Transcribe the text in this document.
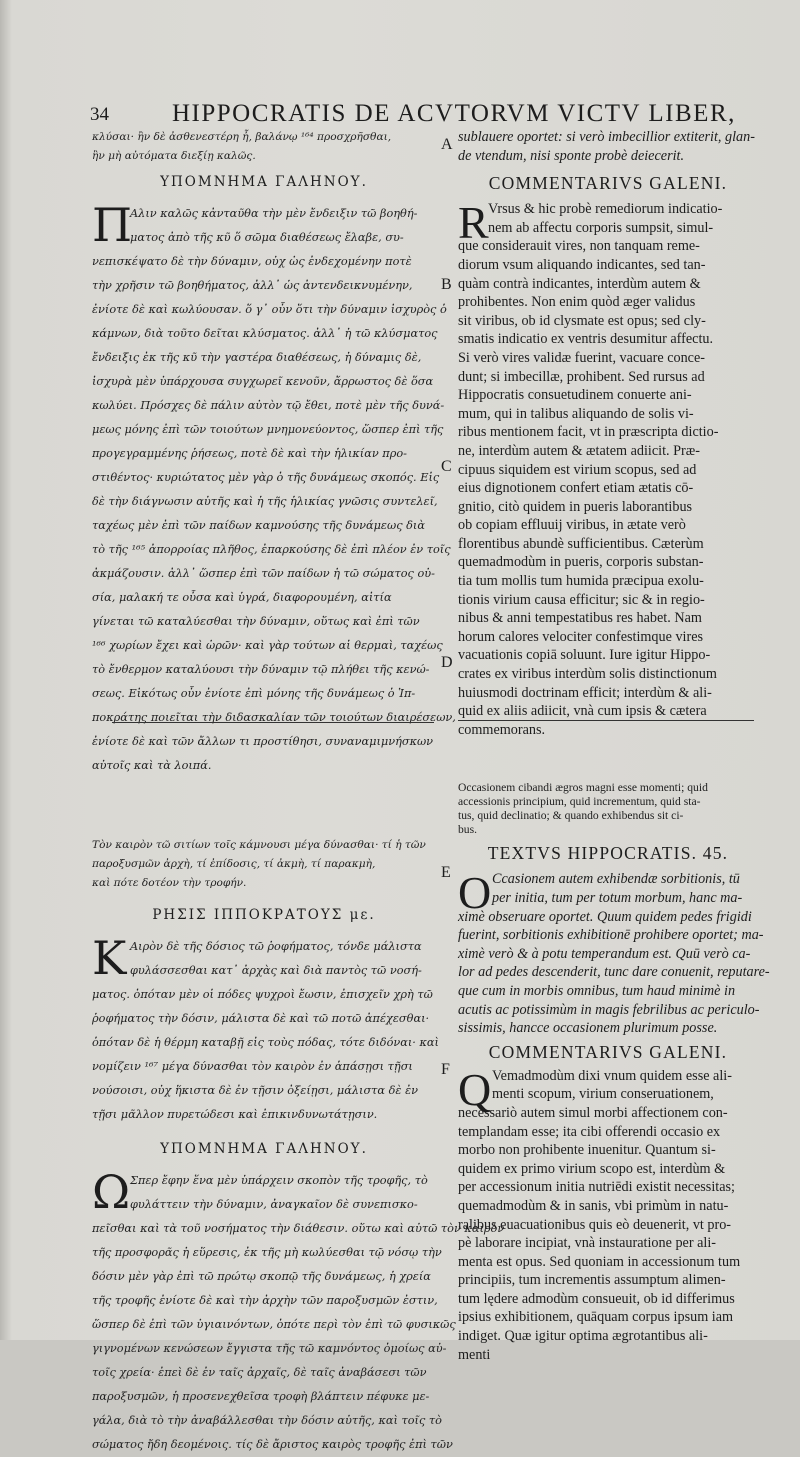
34	HIPPOCRATIS DE ACVTORVM VICTV LIBER,
A
B
C
D
E
F

κλύσαι· ἢν δὲ ἀσθενεστέρη ἦ, βαλάνῳ ¹⁶⁴ προσχρῆσθαι,
ἢν μὴ αὐτόματα διεξίῃ καλῶς.

ΥΠΟΜΝΗΜΑ ΓΑΛΗΝΟΥ.

Π

Αλιν καλῶς κἀνταῦθα τὴν μὲν ἔνδειξιν τῶ βοηθή-

ματος ἀπὸ τῆς κῦ ὅ σῶμα διαθέσεως ἔλαβε, συ-

νεπισκέψατο δὲ τὴν δύναμιν, οὐχ ὡς ἐνδεχομένην ποτὲ
τὴν χρῆσιν τῶ βοηθήματος, ἀλλ᾽ ὡς ἀντενδεικνυμένην,
ἐνίοτε δὲ καὶ κωλύουσαν. ὅ γ᾽ οὖν ὅτι τὴν δύναμιν ἰσχυρὸς ὁ
κάμνων, διὰ τοῦτο δεῖται κλύσματος. ἀλλ᾽ ἡ τῶ κλύσματος
ἔνδειξις ἐκ τῆς κῦ τὴν γαστέρα διαθέσεως, ἡ δύναμις δὲ,
ἰσχυρὰ μὲν ὑπάρχουσα συγχωρεῖ κενοῦν, ἄρρωστος δὲ ὅσα
κωλύει. Πρόσχες δὲ πάλιν αὐτὸν τῷ ἔθει, ποτὲ μὲν τῆς δυνά-
μεως μόνης ἐπὶ τῶν τοιούτων μνημονεύοντος, ὥσπερ ἐπὶ τῆς
προγεγραμμένης ῥήσεως, ποτὲ δὲ καὶ τὴν ἡλικίαν προ-
στιθέντος· κυριώτατος μὲν γὰρ ὁ τῆς δυνάμεως σκοπός. Εἰς
δὲ τὴν διάγνωσιν αὐτῆς καὶ ἡ τῆς ἡλικίας γνῶσις συντελεῖ,
ταχέως μὲν ἐπὶ τῶν παίδων καμνούσης τῆς δυνάμεως διὰ
τὸ τῆς ¹⁶⁵ ἀπορροίας πλῆθος, ἐπαρκούσης δὲ ἐπὶ πλέον ἐν τοῖς
ἀκμάζουσιν. ἀλλ᾽ ὥσπερ ἐπὶ τῶν παίδων ἡ τῶ σώματος οὐ-
σία, μαλακή τε οὖσα καὶ ὑγρά, διαφορουμένη, αἰτία
γίνεται τῶ καταλύεσθαι τὴν δύναμιν, οὕτως καὶ ἐπὶ τῶν
¹⁶⁶ χωρίων ἔχει καὶ ὡρῶν· καὶ γὰρ τούτων αἱ θερμαὶ, ταχέως
τὸ ἔνθερμον καταλύουσι τὴν δύναμιν τῷ πλήθει τῆς κενώ-
σεως. Εἰκότως οὖν ἐνίοτε ἐπὶ μόνης τῆς δυνάμεως ὁ Ἱπ-
ποκράτης ποιεῖται τὴν διδασκαλίαν τῶν τοιούτων διαιρέσεων,
ἐνίοτε δὲ καὶ τῶν ἄλλων τι προστίθησι, συναναμιμνήσκων
αὐτοῖς καὶ τὰ λοιπά.

Τὸν καιρὸν τῶ σιτίων τοῖς κάμνουσι μέγα δύνασθαι· τί ἡ τῶν
παροξυσμῶν ἀρχὴ, τί ἐπίδοσις, τί ἀκμὴ, τί παρακμὴ,
καὶ πότε δοτέον τὴν τροφήν.

ΡΗΣΙΣ ΙΠΠΟΚΡΑΤΟΥΣ με.

Κ Αιρὸν δὲ τῆς δόσιος τῶ ῥοφήματος, τόνδε μάλιστα

φυλάσσεσθαι κατ᾽ ἀρχὰς καὶ διὰ παντὸς τῶ νοσή-

ματος. ὁπόταν μὲν οἱ πόδες ψυχροὶ ἔωσιν, ἐπισχεῖν χρὴ τῶ
ῥοφήματος τὴν δόσιν, μάλιστα δὲ καὶ τῶ ποτῶ ἀπέχεσθαι·
ὁπόταν δὲ ἡ θέρμη καταβῇ εἰς τοὺς πόδας, τότε διδόναι· καὶ
νομίζειν ¹⁶⁷ μέγα δύνασθαι τὸν καιρὸν ἐν ἁπάσῃσι τῇσι
νούσοισι, οὐχ ἥκιστα δὲ ἐν τῇσιν ὀξείῃσι, μάλιστα δὲ ἐν
τῇσι μᾶλλον πυρετώδεσι καὶ ἐπικινδυνωτάτῃσιν.

ΥΠΟΜΝΗΜΑ ΓΑΛΗΝΟΥ.

Ω Σπερ ἔφην ἕνα μὲν ὑπάρχειν σκοπὸν τῆς τροφῆς, τὸ

φυλάττειν τὴν δύναμιν, ἀναγκαῖον δὲ συνεπισκο-

πεῖσθαι καὶ τὰ τοῦ νοσήματος τὴν διάθεσιν. οὕτω καὶ αὐτῶ τὸν καιρὸν
τῆς προσφορᾶς ἡ εὕρεσις, ἐκ τῆς μὴ κωλύεσθαι τῷ νόσῳ τὴν
δόσιν μὲν γὰρ ἐπὶ τῶ πρώτῳ σκοπῷ τῆς δυνάμεως, ἡ χρεία
τῆς τροφῆς ἐνίοτε δὲ καὶ τὴν ἀρχὴν τῶν παροξυσμῶν ἐστιν,
ὥσπερ δὲ ἐπὶ τῶν ὑγιαινόντων, ὁπότε περὶ τὸν ἐπὶ τῶ φυσικῶς
γιγνομένων κενώσεων ἔγγιστα τῆς τῶ καμνόντος ὁμοίως αὐ-
τοῖς χρεία· ἐπεὶ δὲ ἐν ταῖς ἀρχαῖς, δὲ ταῖς ἀναβάσεσι τῶν
παροξυσμῶν, ἡ προσενεχθεῖσα τροφὴ βλάπτειν πέφυκε με-
γάλα, διὰ τὸ τὴν ἀναβάλλεσθαι τὴν δόσιν αὐτῆς, καὶ τοῖς τὸ
σώματος ἤδη δεομένοις. τίς δὲ ἄριστος καιρὸς τροφῆς ἐπὶ τῶν

sublauere oportet: si verò imbecillior extiterit, glan-
de vtendum, nisi sponte probè deiecerit.

COMMENTARIVS GALENI.

R Vrsus & hic probè remediorum indicatio-

nem ab affectu corporis sumpsit, simul-

que considerauit vires, non tanquam reme-
diorum vsum aliquando indicantes, sed tan-
quàm contrà indicantes, interdùm autem &
prohibentes. Non enim quòd æger validus
sit viribus, ob id clysmate est opus; sed cly-
smatis indicatio ex ventris desumitur affectu.
Si verò vires validæ fuerint, vacuare conce-
dunt; si imbecillæ, prohibent. Sed rursus ad
Hippocratis consuetudinem conuerte ani-
mum, qui in talibus aliquando de solis vi-
ribus mentionem facit, vt in præscripta dictio-
ne, interdùm autem & ætatem adiicit. Præ-
cipuus siquidem est virium scopus, sed ad
eius dignotionem confert etiam ætatis cō-
gnitio, citò quidem in pueris laborantibus
ob copiam effluuij viribus, in ætate verò
florentibus abundè sufficientibus. Cæterùm
quemadmodùm in pueris, corporis substan-
tia tum mollis tum humida præcipua exolu-
tionis virium causa efficitur; sic & in regio-
nibus & anni tempestatibus res habet. Nam
horum calores velociter confestimque vires
vacuationis copiā soluunt. Iure igitur Hippo-
crates ex viribus interdùm solis distinctionum
huiusmodi doctrinam efficit; interdùm & ali-
quid ex aliis adiicit, vnà cum ipsis & cætera
commemorans.

Occasionem cibandi ægros magni esse momenti; quid
accessionis principium, quid incrementum, quid sta-
tus, quid declinatio; & quando exhibendus sit ci-
bus.

TEXTVS HIPPOCRATIS. 45.

O Ccasionem autem exhibendæ sorbitionis, tū

per initia, tum per totum morbum, hanc ma-

ximè obseruare oportet. Quum quidem pedes frigidi
fuerint, sorbitionis exhibitionē prohibere oportet; ma-
ximè verò & à potu temperandum est. Quū verò ca-
lor ad pedes descenderit, tunc dare conuenit, reputare-
que cum in morbis omnibus, tum haud minimè in
acutis ac potissimùm in magis febrilibus ac periculo-
sissimis, hancce occasionem plurimum posse.

COMMENTARIVS GALENI.

Q Vemadmodùm dixi vnum quidem esse ali-

menti scopum, virium conseruationem,

necessariò autem simul morbi affectionem con-
templandam esse; ita cibi offerendi occasio ex
morbo non prohibente inuenitur. Quantum si-
quidem ex primo virium scopo est, interdùm &
per accessionum initia nutriēdi existit necessitas;
quemadmodùm & in sanis, vbi primùm in natu-
ralibus euacuationibus quis eò deuenerit, vt pro-
pè laborare incipiat, vnà instauratione per ali-
menta est opus. Sed quoniam in accessionum tum
principiis, tum incrementis assumptum alimen-
tum lędere admodùm consueuit, ob id differimus
ipsius exhibitionem, quāquam corpus ipsum iam
indiget. Quæ igitur optima ægrotantibus ali-
menti
